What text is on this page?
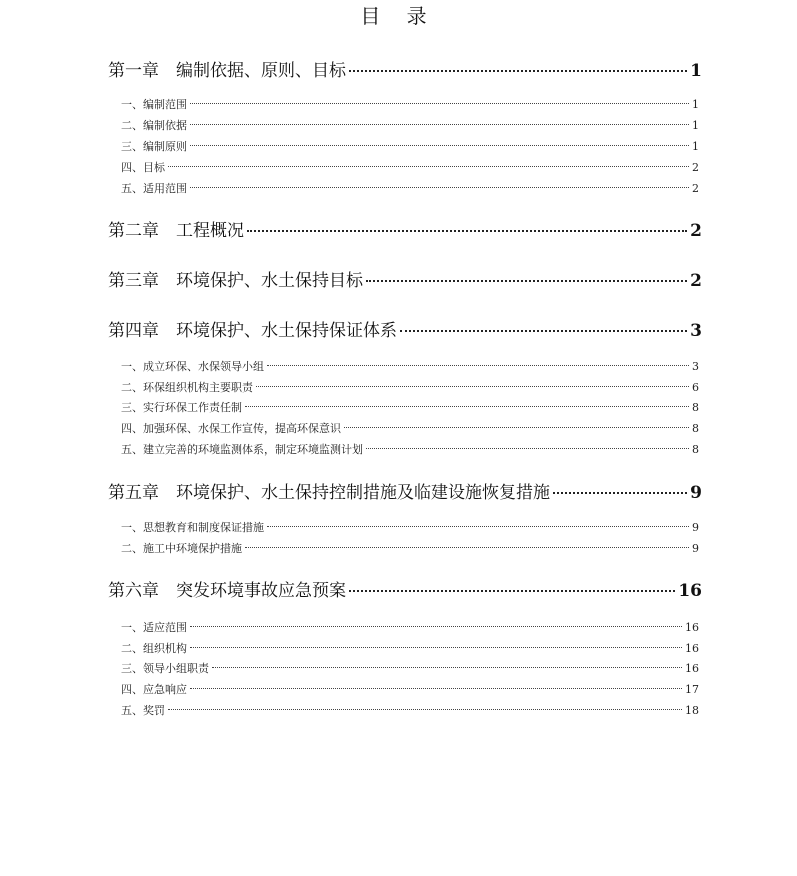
目 录
第一章　编制依据、原则、目标	1
一、编制范围	1
二、编制依据	1
三、编制原则	1
四、目标	2
五、适用范围	2
第二章　工程概况	2
第三章　环境保护、水土保持目标	2
第四章　环境保护、水土保持保证体系	3
一、成立环保、水保领导小组	3
二、环保组织机构主要职责	6
三、实行环保工作责任制	8
四、加强环保、水保工作宣传，提高环保意识	8
五、建立完善的环境监测体系，制定环境监测计划	8
第五章　环境保护、水土保持控制措施及临建设施恢复措施	9
一、思想教育和制度保证措施	9
二、施工中环境保护措施	9
第六章　突发环境事故应急预案	16
一、适应范围	16
二、组织机构	16
三、领导小组职责	16
四、应急响应	17
五、奖罚	18
